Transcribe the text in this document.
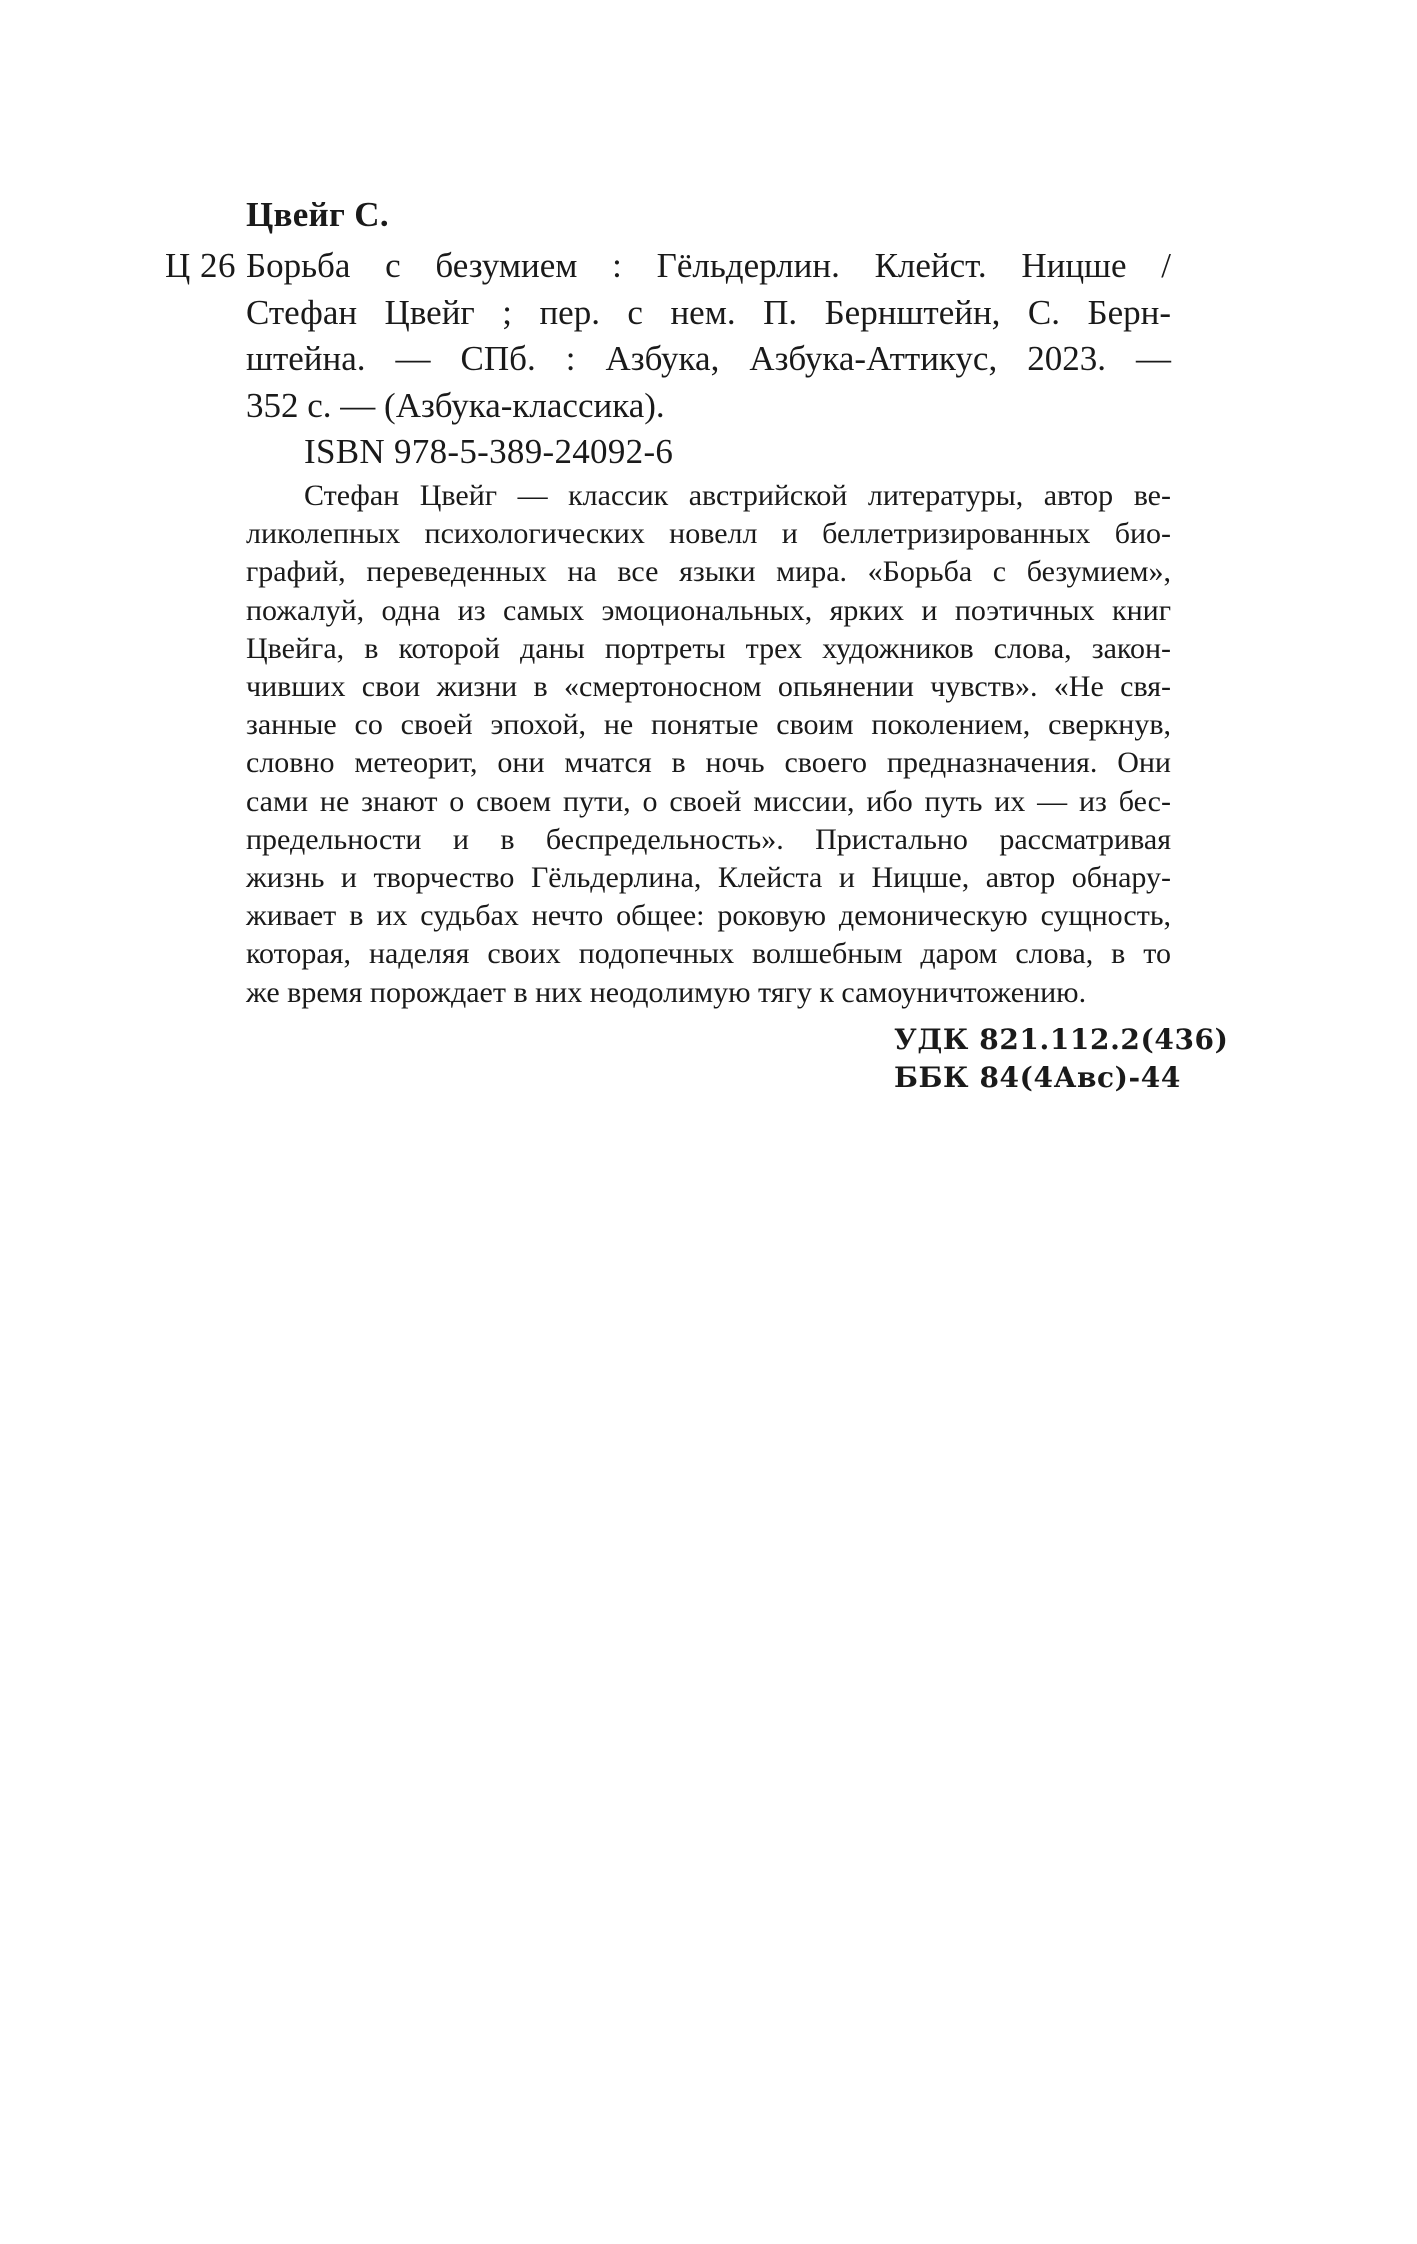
Цвейг С.
Ц 26 Борьба с безумием : Гёльдерлин. Клейст. Ницше /
Стефан Цвейг ; пер. с нем. П. Бернштейн, С. Берн-
штейна. — СПб. : Азбука, Азбука-Аттикус, 2023. —
352 с. — (Азбука-классика).
ISBN 978-5-389-24092-6
Стефан Цвейг — классик австрийской литературы, автор ве-
ликолепных психологических новелл и беллетризированных био-
графий, переведенных на все языки мира. «Борьба с безумием»,
пожалуй, одна из самых эмоциональных, ярких и поэтичных книг
Цвейга, в которой даны портреты трех художников слова, закон-
чивших свои жизни в «смертоносном опьянении чувств». «Не свя-
занные со своей эпохой, не понятые своим поколением, сверкнув,
словно метеорит, они мчатся в ночь своего предназначения. Они
сами не знают о своем пути, о своей миссии, ибо путь их — из бес-
предельности и в беспредельность». Пристально рассматривая
жизнь и творчество Гёльдерлина, Клейста и Ницше, автор обнару-
живает в их судьбах нечто общее: роковую демоническую сущность,
которая, наделяя своих подопечных волшебным даром слова, в то
же время порождает в них неодолимую тягу к самоуничтожению.
УДК 821.112.2(436)
ББК 84(4Авс)-44
